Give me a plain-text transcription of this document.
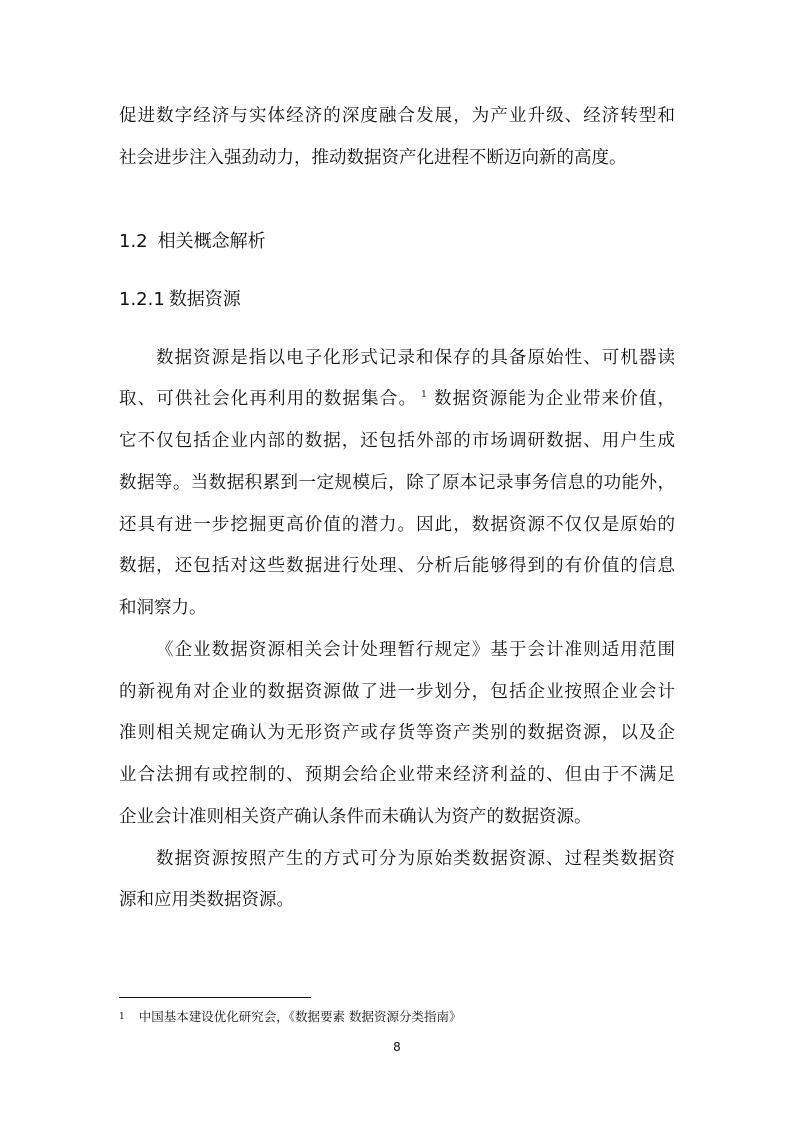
促进数字经济与实体经济的深度融合发展，为产业升级、经济转型和
社会进步注入强劲动力，推动数据资产化进程不断迈向新的高度。
1.2 相关概念解析
1.2.1 数据资源
数据资源是指以电子化形式记录和保存的具备原始性、可机器读
取、可供社会化再利用的数据集合。 $^1$ 数据资源能为企业带来价值，
它不仅包括企业内部的数据，还包括外部的市场调研数据、用户生成
数据等。当数据积累到一定规模后，除了原本记录事务信息的功能外，
还具有进一步挖掘更高价值的潜力。因此，数据资源不仅仅是原始的
数据，还包括对这些数据进行处理、分析后能够得到的有价值的信息
和洞察力。
《企业数据资源相关会计处理暂行规定》基于会计准则适用范围
的新视角对企业的数据资源做了进一步划分，包括企业按照企业会计
准则相关规定确认为无形资产或存货等资产类别的数据资源，以及企
业合法拥有或控制的、预期会给企业带来经济利益的、但由于不满足
企业会计准则相关资产确认条件而未确认为资产的数据资源。
数据资源按照产生的方式可分为原始类数据资源、过程类数据资
源和应用类数据资源。
$^1$ 中国基本建设优化研究会，《数据要素 数据资源分类指南》
8
